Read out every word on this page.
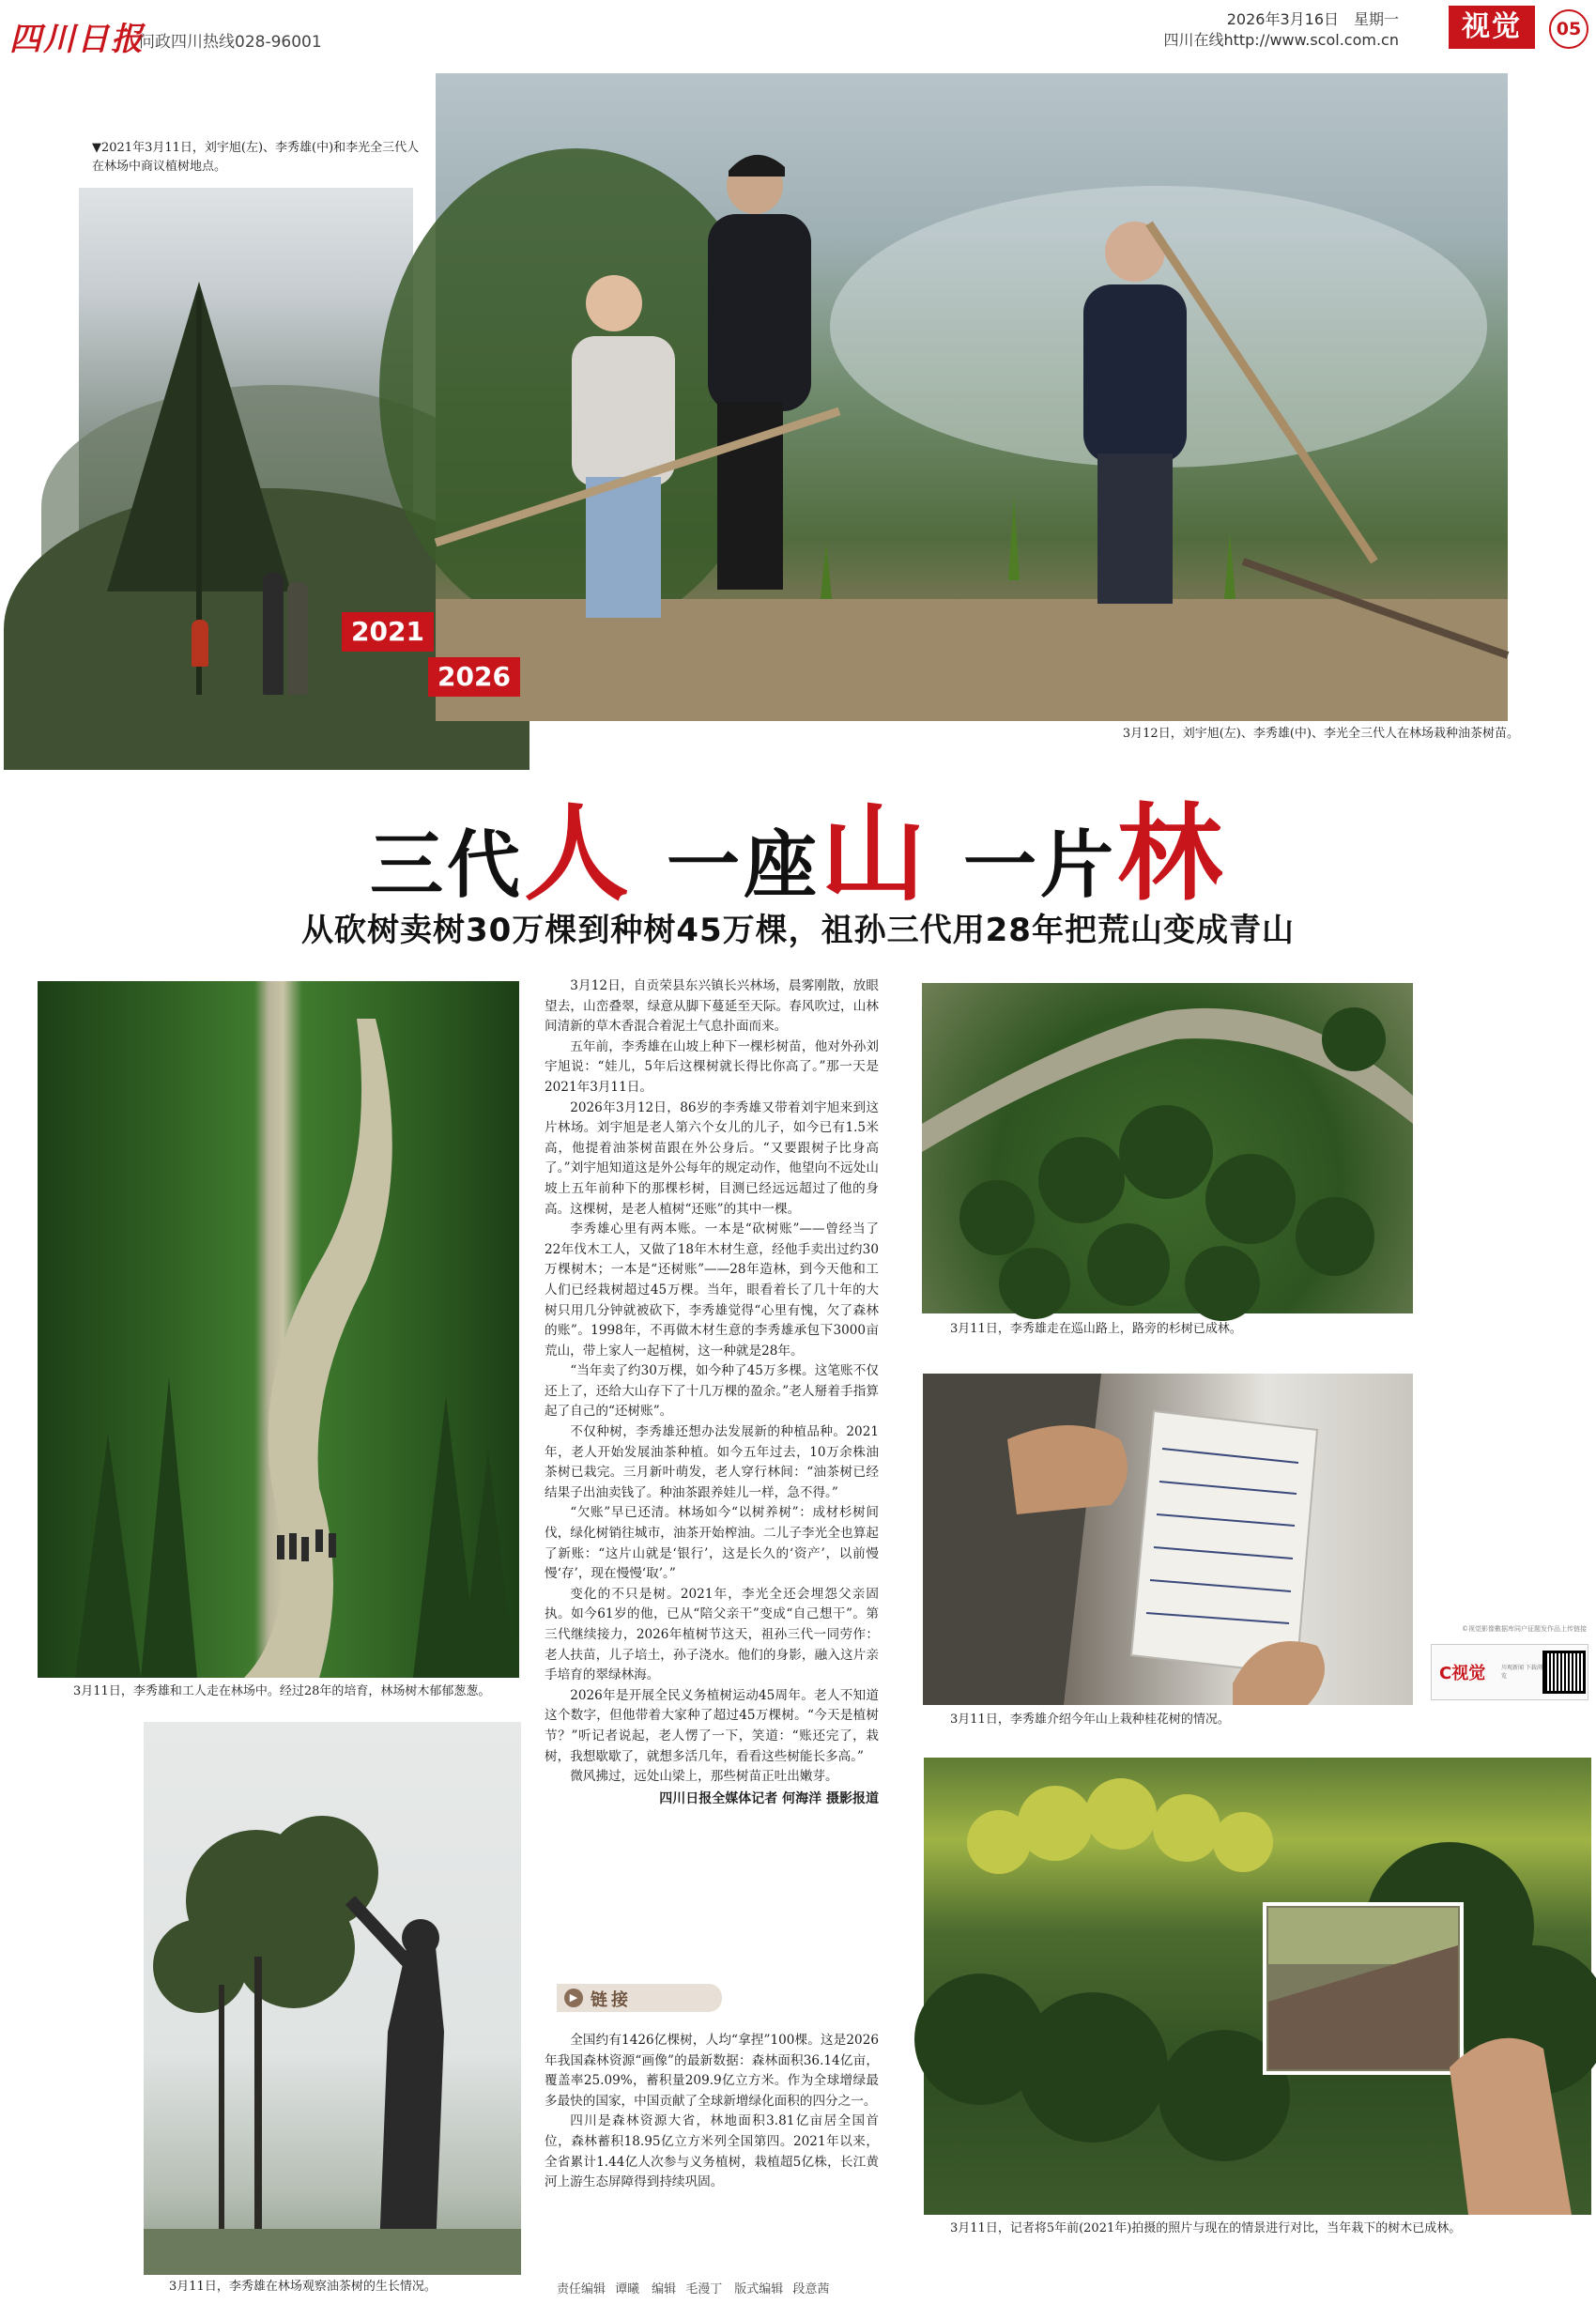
四川日报
问政四川热线028-96001
2026年3月16日　星期一
四川在线http://www.scol.com.cn	视觉	05
▼2021年3月11日，刘宇旭(左)、李秀雄(中)和李光全三代人在林场中商议植树地点。
2021
2026
3月12日，刘宇旭(左)、李秀雄(中)、李光全三代人在林场栽种油茶树苗。
三代人 一座山 一片林
从砍树卖树30万棵到种树45万棵，祖孙三代用28年把荒山变成青山
3月11日，李秀雄和工人走在林场中。经过28年的培育，林场树木郁郁葱葱。
3月11日，李秀雄在林场观察油茶树的生长情况。

3月12日，自贡荣县东兴镇长兴林场，晨雾刚散，放眼望去，山峦叠翠，绿意从脚下蔓延至天际。春风吹过，山林间清新的草木香混合着泥土气息扑面而来。

五年前，李秀雄在山坡上种下一棵杉树苗，他对外孙刘宇旭说：“娃儿，5年后这棵树就长得比你高了。”那一天是2021年3月11日。

2026年3月12日，86岁的李秀雄又带着刘宇旭来到这片林场。刘宇旭是老人第六个女儿的儿子，如今已有1.5米高，他提着油茶树苗跟在外公身后。“又要跟树子比身高了。”刘宇旭知道这是外公每年的规定动作，他望向不远处山坡上五年前种下的那棵杉树，目测已经远远超过了他的身高。这棵树，是老人植树“还账”的其中一棵。

李秀雄心里有两本账。一本是“砍树账”——曾经当了22年伐木工人，又做了18年木材生意，经他手卖出过约30万棵树木；一本是“还树账”——28年造林，到今天他和工人们已经栽树超过45万棵。当年，眼看着长了几十年的大树只用几分钟就被砍下，李秀雄觉得“心里有愧，欠了森林的账”。1998年，不再做木材生意的李秀雄承包下3000亩荒山，带上家人一起植树，这一种就是28年。

“当年卖了约30万棵，如今种了45万多棵。这笔账不仅还上了，还给大山存下了十几万棵的盈余。”老人掰着手指算起了自己的“还树账”。

不仅种树，李秀雄还想办法发展新的种植品种。2021年，老人开始发展油茶种植。如今五年过去，10万余株油茶树已栽完。三月新叶萌发，老人穿行林间：“油茶树已经结果子出油卖钱了。种油茶跟养娃儿一样，急不得。”

“欠账”早已还清。林场如今“以树养树”：成材杉树间伐，绿化树销往城市，油茶开始榨油。二儿子李光全也算起了新账：“这片山就是‘银行’，这是长久的‘资产’，以前慢慢‘存’，现在慢慢‘取’。”

变化的不只是树。2021年，李光全还会埋怨父亲固执。如今61岁的他，已从“陪父亲干”变成“自己想干”。第三代继续接力，2026年植树节这天，祖孙三代一同劳作：老人扶苗，儿子培土，孙子浇水。他们的身影，融入这片亲手培育的翠绿林海。

2026年是开展全民义务植树运动45周年。老人不知道这个数字，但他带着大家种了超过45万棵树。“今天是植树节？”听记者说起，老人愣了一下，笑道：“账还完了，栽树，我想歇歇了，就想多活几年，看看这些树能长多高。”

微风拂过，远处山梁上，那些树苗正吐出嫩芽。

四川日报全媒体记者 何海洋 摄影报道
▶ 链接

全国约有1426亿棵树，人均“拿捏”100棵。这是2026年我国森林资源“画像”的最新数据：森林面积36.14亿亩，覆盖率25.09%，蓄积量209.9亿立方米。作为全球增绿最多最快的国家，中国贡献了全球新增绿化面积的四分之一。

四川是森林资源大省，林地面积3.81亿亩居全国首位，森林蓄积18.95亿立方米列全国第四。2021年以来，全省累计1.44亿人次参与义务植树，栽植超5亿株，长江黄河上游生态屏障得到持续巩固。

责任编辑 谭曦　编辑 毛漫丁　版式编辑 段意茜
3月11日，李秀雄走在巡山路上，路旁的杉树已成林。
3月11日，李秀雄介绍今年山上栽种桂花树的情况。
©视觉影像數据库同户征题发作品上传链接
C视觉	川观新闻 下载浏览
3月11日，记者将5年前(2021年)拍摄的照片与现在的情景进行对比，当年栽下的树木已成林。
